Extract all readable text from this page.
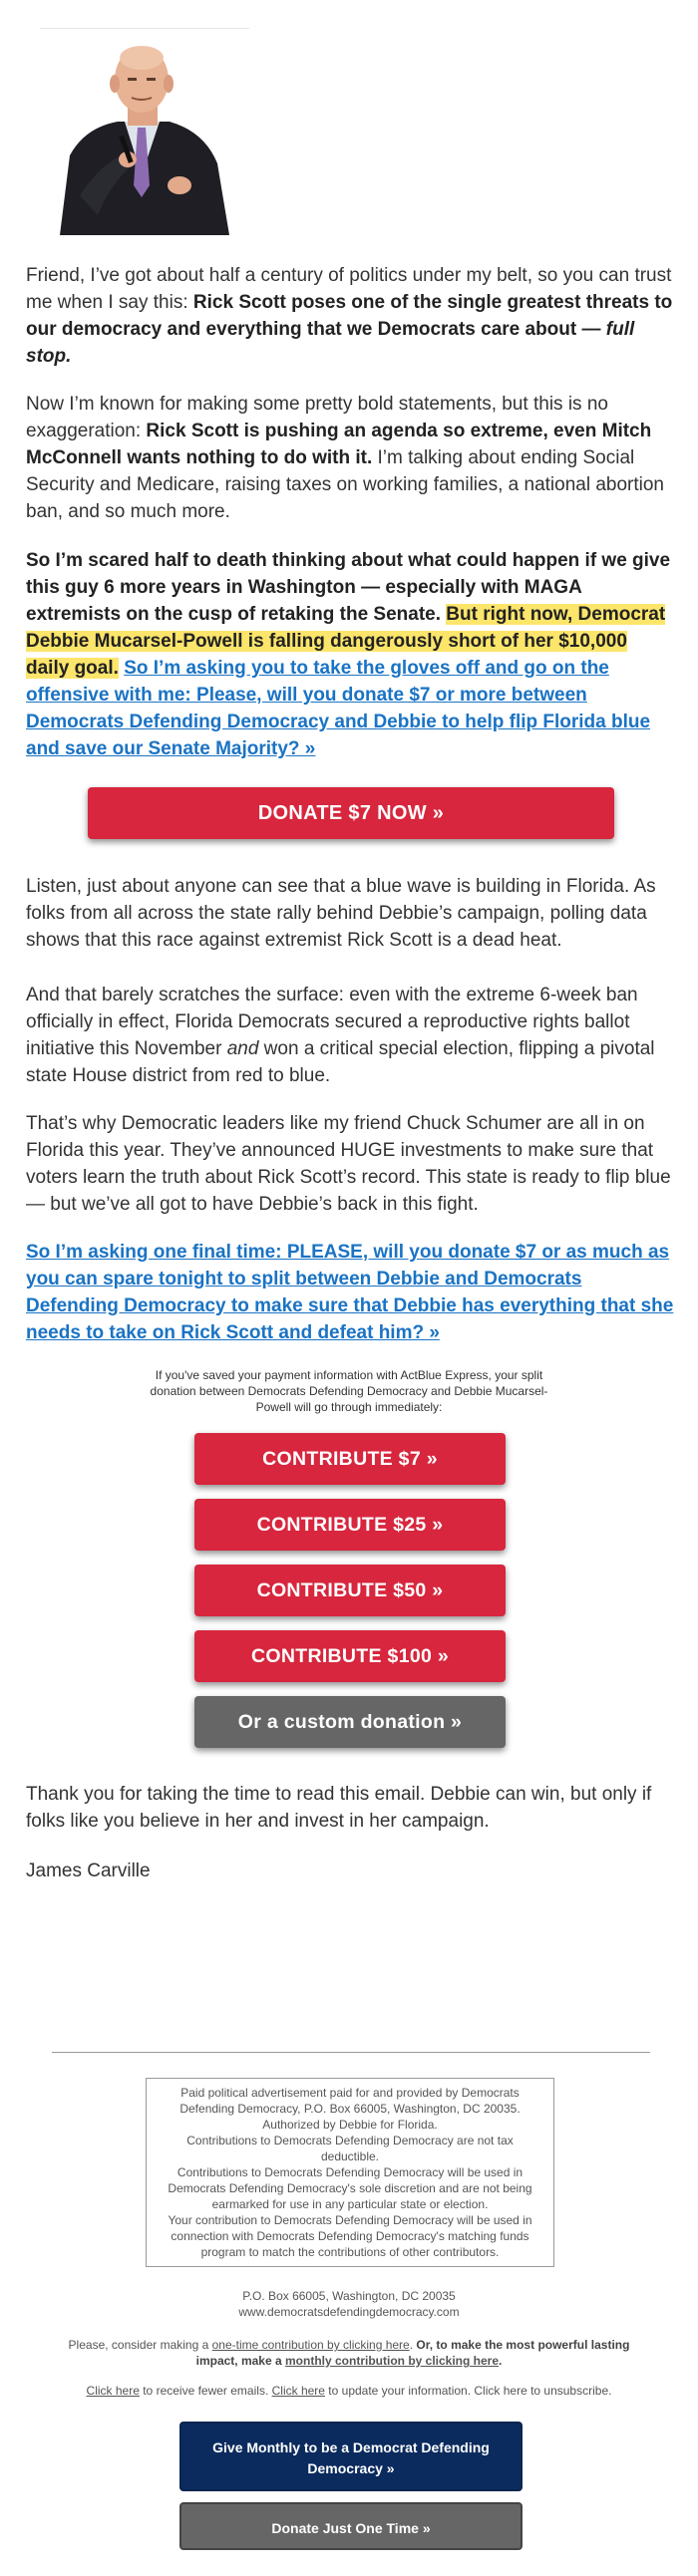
Friend, I’ve got about half a century of politics under my belt, so you can trust me when I say this: Rick Scott poses one of the single greatest threats to our democracy and everything that we Democrats care about — full stop.

Now I’m known for making some pretty bold statements, but this is no exaggeration: Rick Scott is pushing an agenda so extreme, even Mitch McConnell wants nothing to do with it. I’m talking about ending Social Security and Medicare, raising taxes on working families, a national abortion ban, and so much more.

So I’m scared half to death thinking about what could happen if we give this guy 6 more years in Washington — especially with MAGA extremists on the cusp of retaking the Senate. But right now, Democrat Debbie Mucarsel-Powell is falling dangerously short of her $10,000 daily goal. So I’m asking you to take the gloves off and go on the offensive with me: Please, will you donate $7 or more between Democrats Defending Democracy and Debbie to help flip Florida blue and save our Senate Majority? »

DONATE $7 NOW »

Listen, just about anyone can see that a blue wave is building in Florida. As folks from all across the state rally behind Debbie’s campaign, polling data shows that this race against extremist Rick Scott is a dead heat.

And that barely scratches the surface: even with the extreme 6-week ban officially in effect, Florida Democrats secured a reproductive rights ballot initiative this November and won a critical special election, flipping a pivotal state House district from red to blue.

That’s why Democratic leaders like my friend Chuck Schumer are all in on Florida this year. They’ve announced HUGE investments to make sure that voters learn the truth about Rick Scott’s record. This state is ready to flip blue — but we’ve all got to have Debbie’s back in this fight.

So I’m asking one final time: PLEASE, will you donate $7 or as much as you can spare tonight to split between Debbie and Democrats Defending Democracy to make sure that Debbie has everything that she needs to take on Rick Scott and defeat him? »

If you've saved your payment information with ActBlue Express, your split donation between Democrats Defending Democracy and Debbie Mucarsel-Powell will go through immediately:
CONTRIBUTE $7 »
CONTRIBUTE $25 »
CONTRIBUTE $50 »
CONTRIBUTE $100 »
Or a custom donation »

Thank you for taking the time to read this email. Debbie can win, but only if folks like you believe in her and invest in her campaign.

James Carville

Paid political advertisement paid for and provided by Democrats Defending Democracy, P.O. Box 66005, Washington, DC 20035. Authorized by Debbie for Florida.
Contributions to Democrats Defending Democracy are not tax deductible.
Contributions to Democrats Defending Democracy will be used in Democrats Defending Democracy's sole discretion and are not being earmarked for use in any particular state or election.
Your contribution to Democrats Defending Democracy will be used in connection with Democrats Defending Democracy's matching funds program to match the contributions of other contributors.
P.O. Box 66005, Washington, DC 20035
www.democratsdefendingdemocracy.com
Please, consider making a one-time contribution by clicking here. Or, to make the most powerful lasting impact, make a monthly contribution by clicking here.
Click here to receive fewer emails. Click here to update your information. Click here to unsubscribe.
Give Monthly to be a Democrat Defending Democracy »
Donate Just One Time »
